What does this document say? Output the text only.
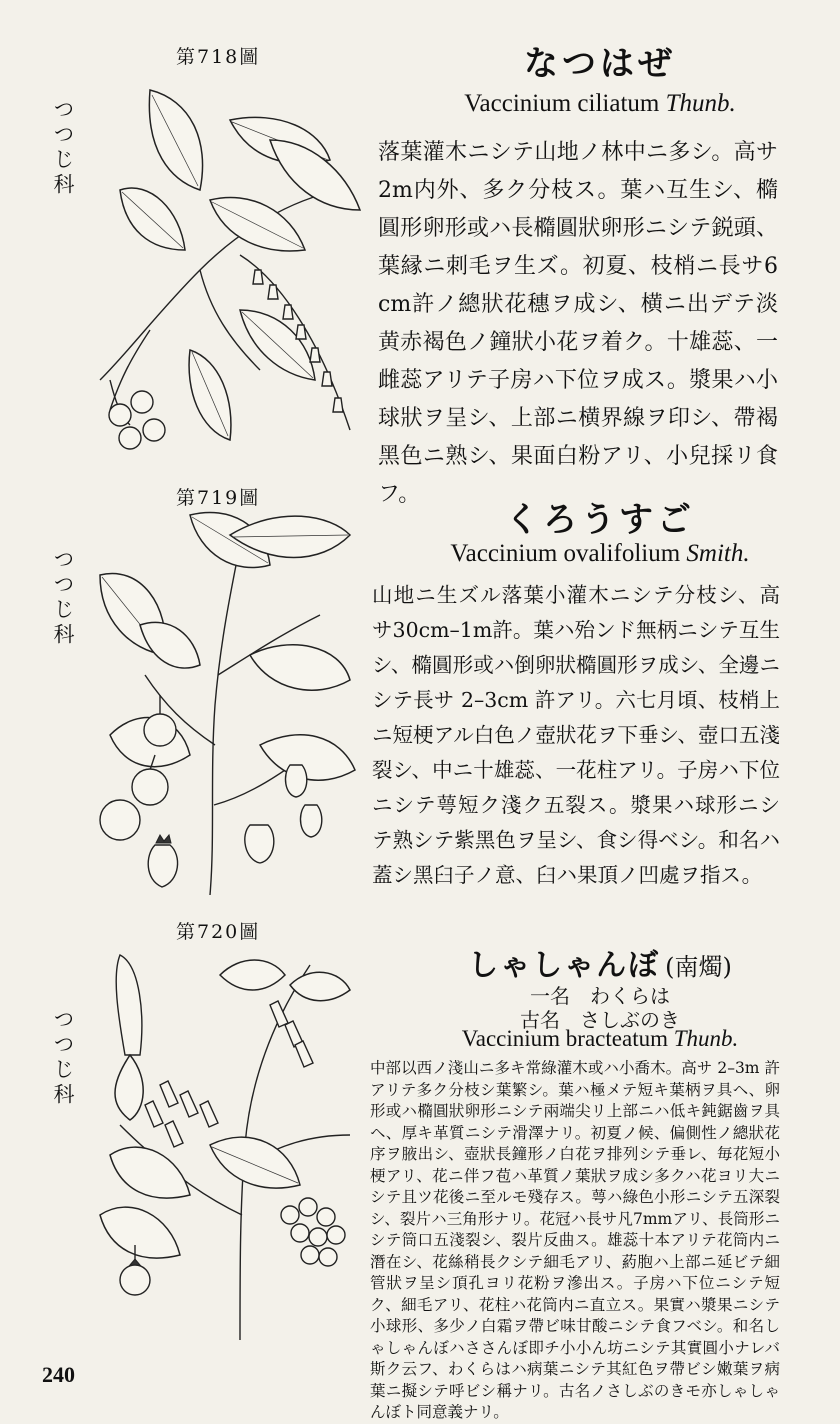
第718圖
つつじ科
なつはぜ
Vaccinium ciliatum Thunb.

落葉灌木ニシテ山地ノ林中ニ多シ。高サ2m内外、多ク分枝ス。葉ハ互生シ、橢圓形卵形或ハ長橢圓狀卵形ニシテ鋭頭、葉縁ニ刺毛ヲ生ズ。初夏、枝梢ニ長サ6cm許ノ總狀花穗ヲ成シ、横ニ出デテ淡黄赤褐色ノ鐘狀小花ヲ着ク。十雄蕊、一雌蕊アリテ子房ハ下位ヲ成ス。漿果ハ小球狀ヲ呈シ、上部ニ横界線ヲ印シ、帶褐黑色ニ熟シ、果面白粉アリ、小兒採リ食フ。

第719圖
つつじ科
くろうすご
Vaccinium ovalifolium Smith.

山地ニ生ズル落葉小灌木ニシテ分枝シ、高サ30cm–1m許。葉ハ殆ンド無柄ニシテ互生シ、橢圓形或ハ倒卵狀橢圓形ヲ成シ、全邊ニシテ長サ 2–3cm 許アリ。六七月頃、枝梢上ニ短梗アル白色ノ壺狀花ヲ下垂シ、壺口五淺裂シ、中ニ十雄蕊、一花柱アリ。子房ハ下位ニシテ萼短ク淺ク五裂ス。漿果ハ球形ニシテ熟シテ紫黑色ヲ呈シ、食シ得ベシ。和名ハ蓋シ黑臼子ノ意、臼ハ果頂ノ凹處ヲ指ス。

第720圖
つつじ科
しゃしゃんぼ (南燭)
一名　わくらは
古名　さしぶのき
Vaccinium bracteatum Thunb.

中部以西ノ淺山ニ多キ常綠灌木或ハ小喬木。高サ 2–3m 許アリテ多ク分枝シ葉繁シ。葉ハ極メテ短キ葉柄ヲ具ヘ、卵形或ハ橢圓狀卵形ニシテ兩端尖リ上部ニハ低キ鈍鋸齒ヲ具ヘ、厚キ革質ニシテ滑澤ナリ。初夏ノ候、偏側性ノ總狀花序ヲ腋出シ、壺狀長鐘形ノ白花ヲ排列シテ垂レ、毎花短小梗アリ、花ニ伴フ苞ハ革質ノ葉狀ヲ成シ多クハ花ヨリ大ニシテ且ツ花後ニ至ルモ殘存ス。萼ハ綠色小形ニシテ五深裂シ、裂片ハ三角形ナリ。花冠ハ長サ凡7mmアリ、長筒形ニシテ筒口五淺裂シ、裂片反曲ス。雄蕊十本アリテ花筒内ニ潛在シ、花絲稍長クシテ細毛アリ、葯胞ハ上部ニ延ビテ細管狀ヲ呈シ頂孔ヨリ花粉ヲ滲出ス。子房ハ下位ニシテ短ク、細毛アリ、花柱ハ花筒内ニ直立ス。果實ハ漿果ニシテ小球形、多少ノ白霜ヲ帶ビ味甘酸ニシテ食フベシ。和名しゃしゃんぼハささんぼ即チ小小ん坊ニシテ其實圓小ナレバ斯ク云フ、わくらはハ病葉ニシテ其紅色ヲ帶ビシ嫩葉ヲ病葉ニ擬シテ呼ビシ稱ナリ。古名ノさしぶのきモ亦しゃしゃんぼト同意義ナリ。

240
